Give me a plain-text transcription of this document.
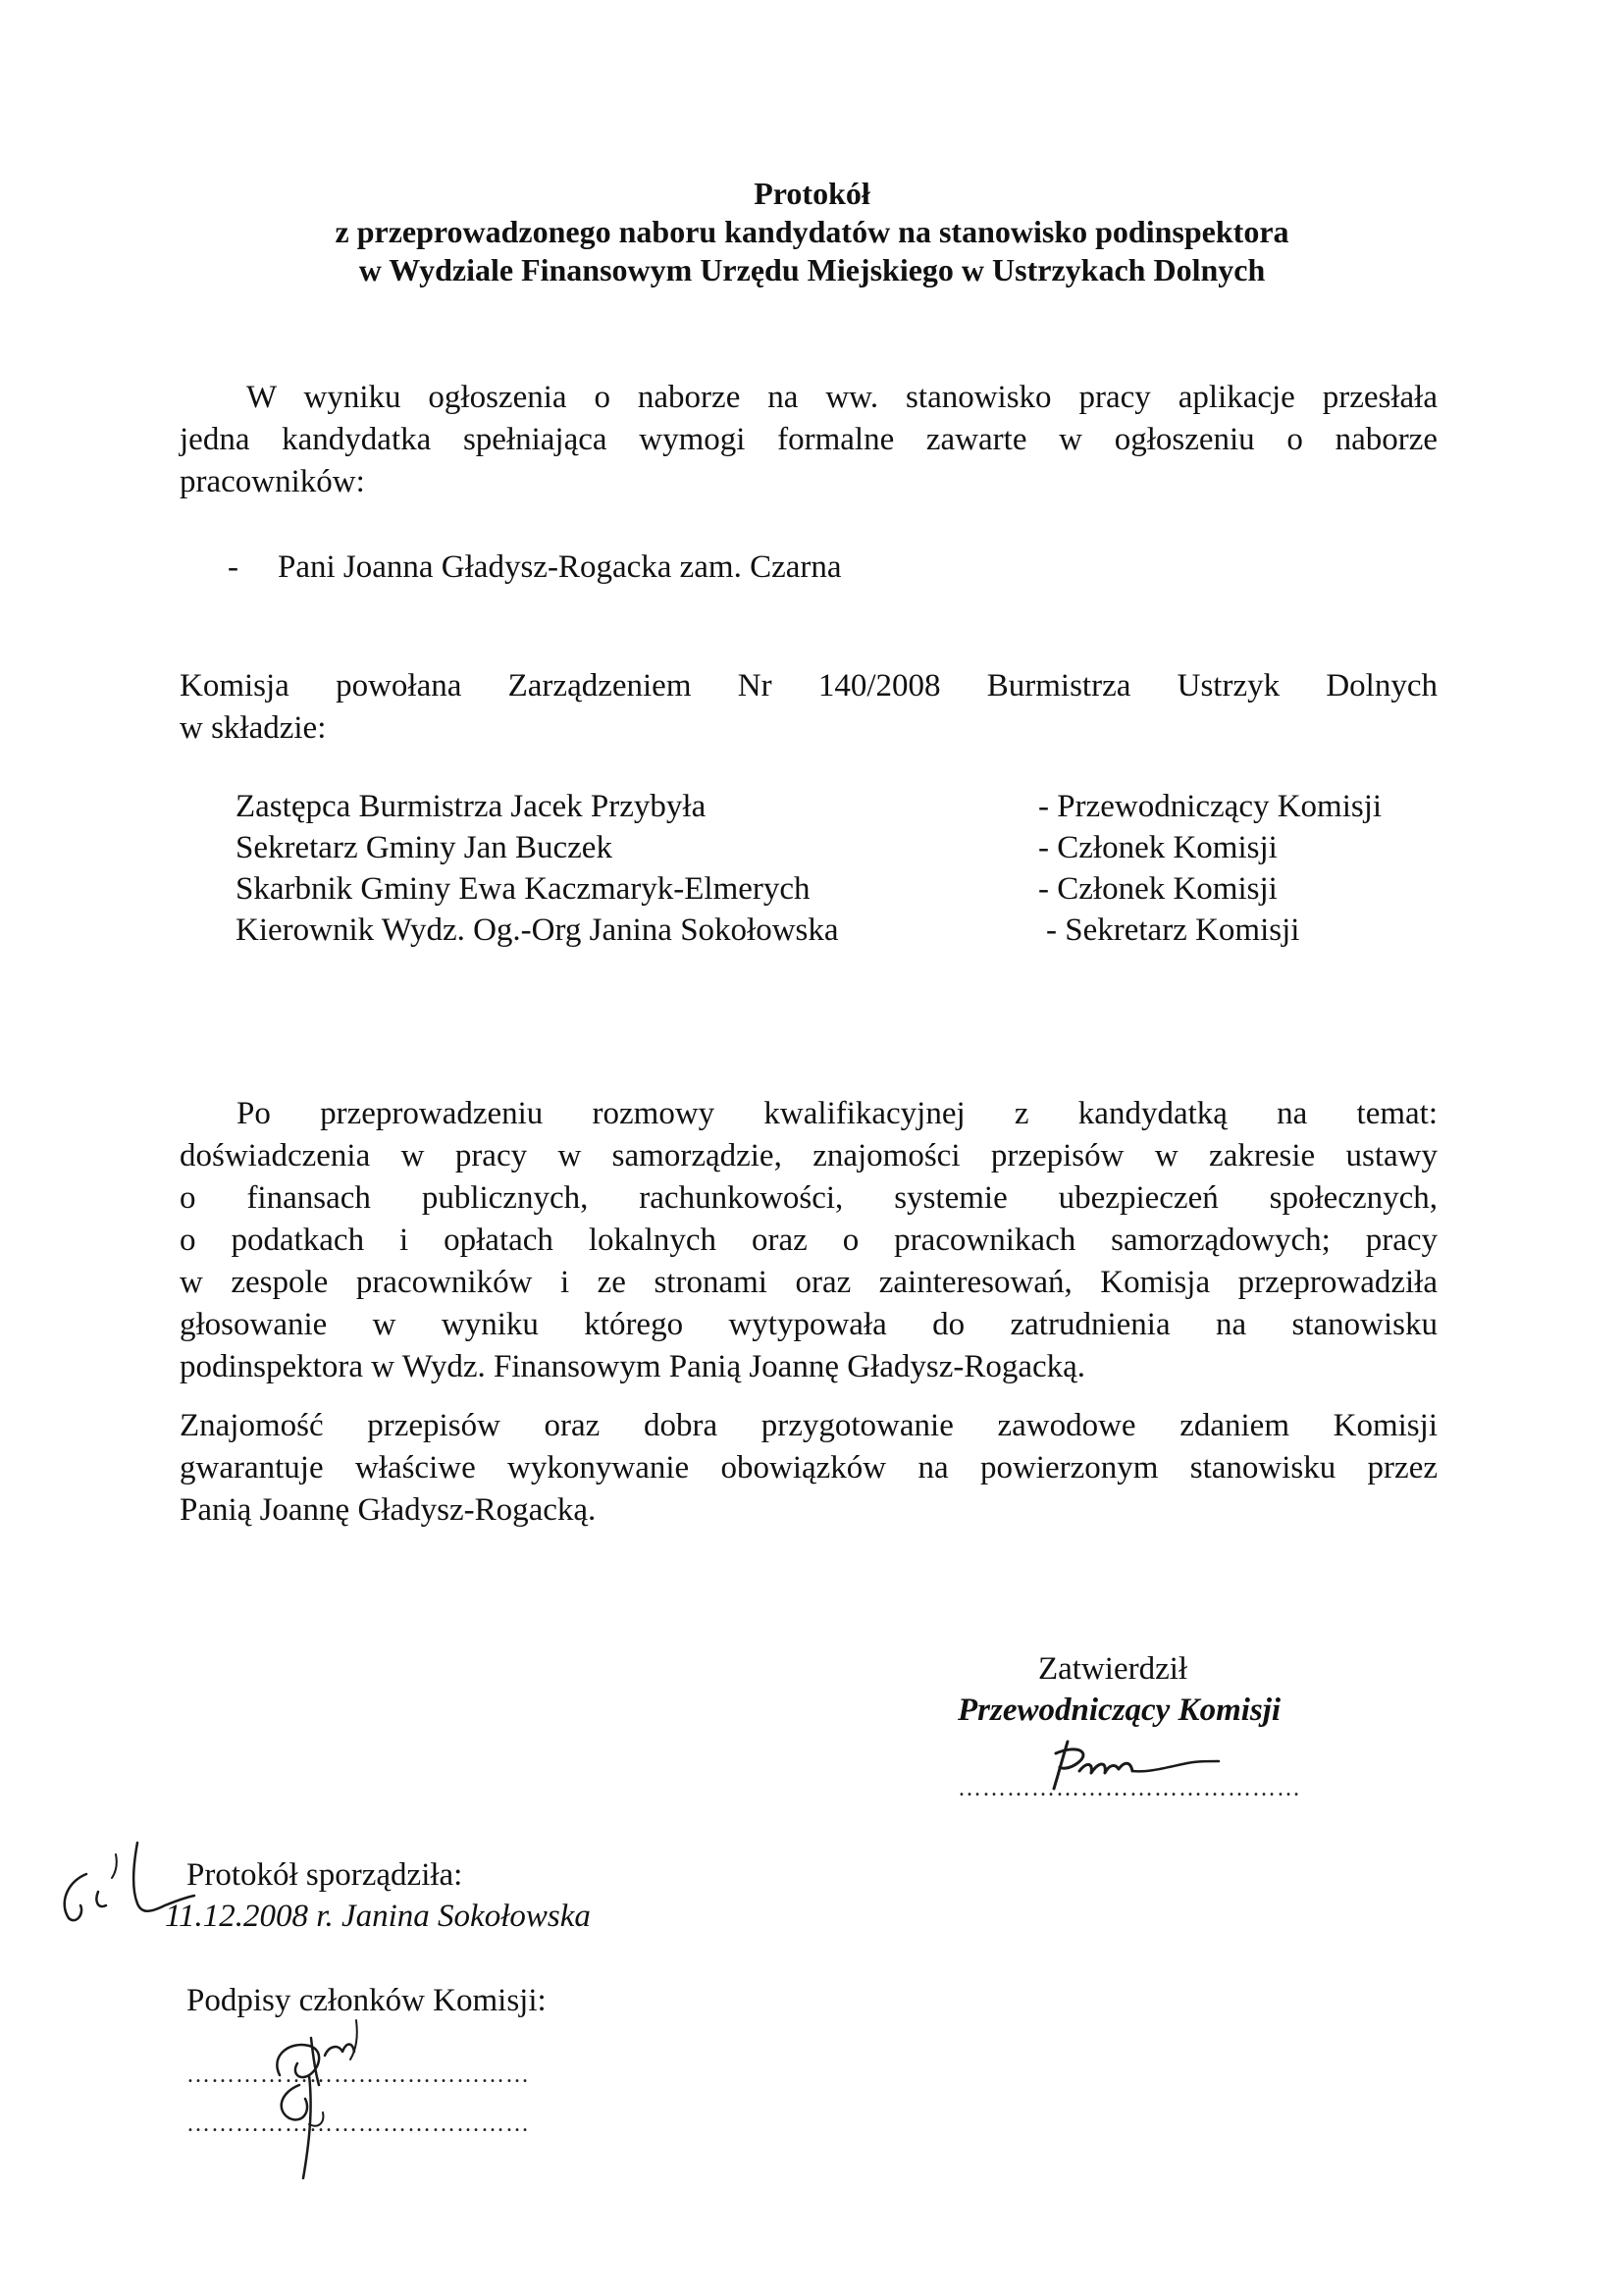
Protokół
z przeprowadzonego naboru kandydatów na stanowisko podinspektora
w Wydziale Finansowym Urzędu Miejskiego w Ustrzykach Dolnych
W wyniku ogłoszenia o naborze na ww. stanowisko pracy aplikacje przesłała
jedna kandydatka spełniająca wymogi formalne zawarte w ogłoszeniu o naborze
pracowników:
- Pani Joanna Gładysz-Rogacka zam. Czarna
Komisja powołana Zarządzeniem Nr 140/2008 Burmistrza Ustrzyk Dolnych
w składzie:
Zastępca Burmistrza Jacek Przybyła	- Przewodniczący Komisji
Sekretarz Gminy Jan Buczek	- Członek Komisji
Skarbnik Gminy Ewa Kaczmaryk-Elmerych	- Członek Komisji
Kierownik Wydz. Og.-Org Janina Sokołowska	- Sekretarz Komisji
Po przeprowadzeniu rozmowy kwalifikacyjnej z kandydatką na temat:
doświadczenia w pracy w samorządzie, znajomości przepisów w zakresie ustawy
o finansach publicznych, rachunkowości, systemie ubezpieczeń społecznych,
o podatkach i opłatach lokalnych oraz o pracownikach samorządowych; pracy
w zespole pracowników i ze stronami oraz zainteresowań, Komisja przeprowadziła
głosowanie w wyniku którego wytypowała do zatrudnienia na stanowisku
podinspektora w Wydz. Finansowym Panią Joannę Gładysz-Rogacką.
Znajomość przepisów oraz dobra przygotowanie zawodowe zdaniem Komisji
gwarantuje właściwe wykonywanie obowiązków na powierzonym stanowisku przez
Panią Joannę Gładysz-Rogacką.
Zatwierdził
Przewodniczący Komisji
……………………………………
Protokół sporządziła:
11.12.2008 r. Janina Sokołowska
Podpisy członków Komisji:
……………………………………
……………………………………
